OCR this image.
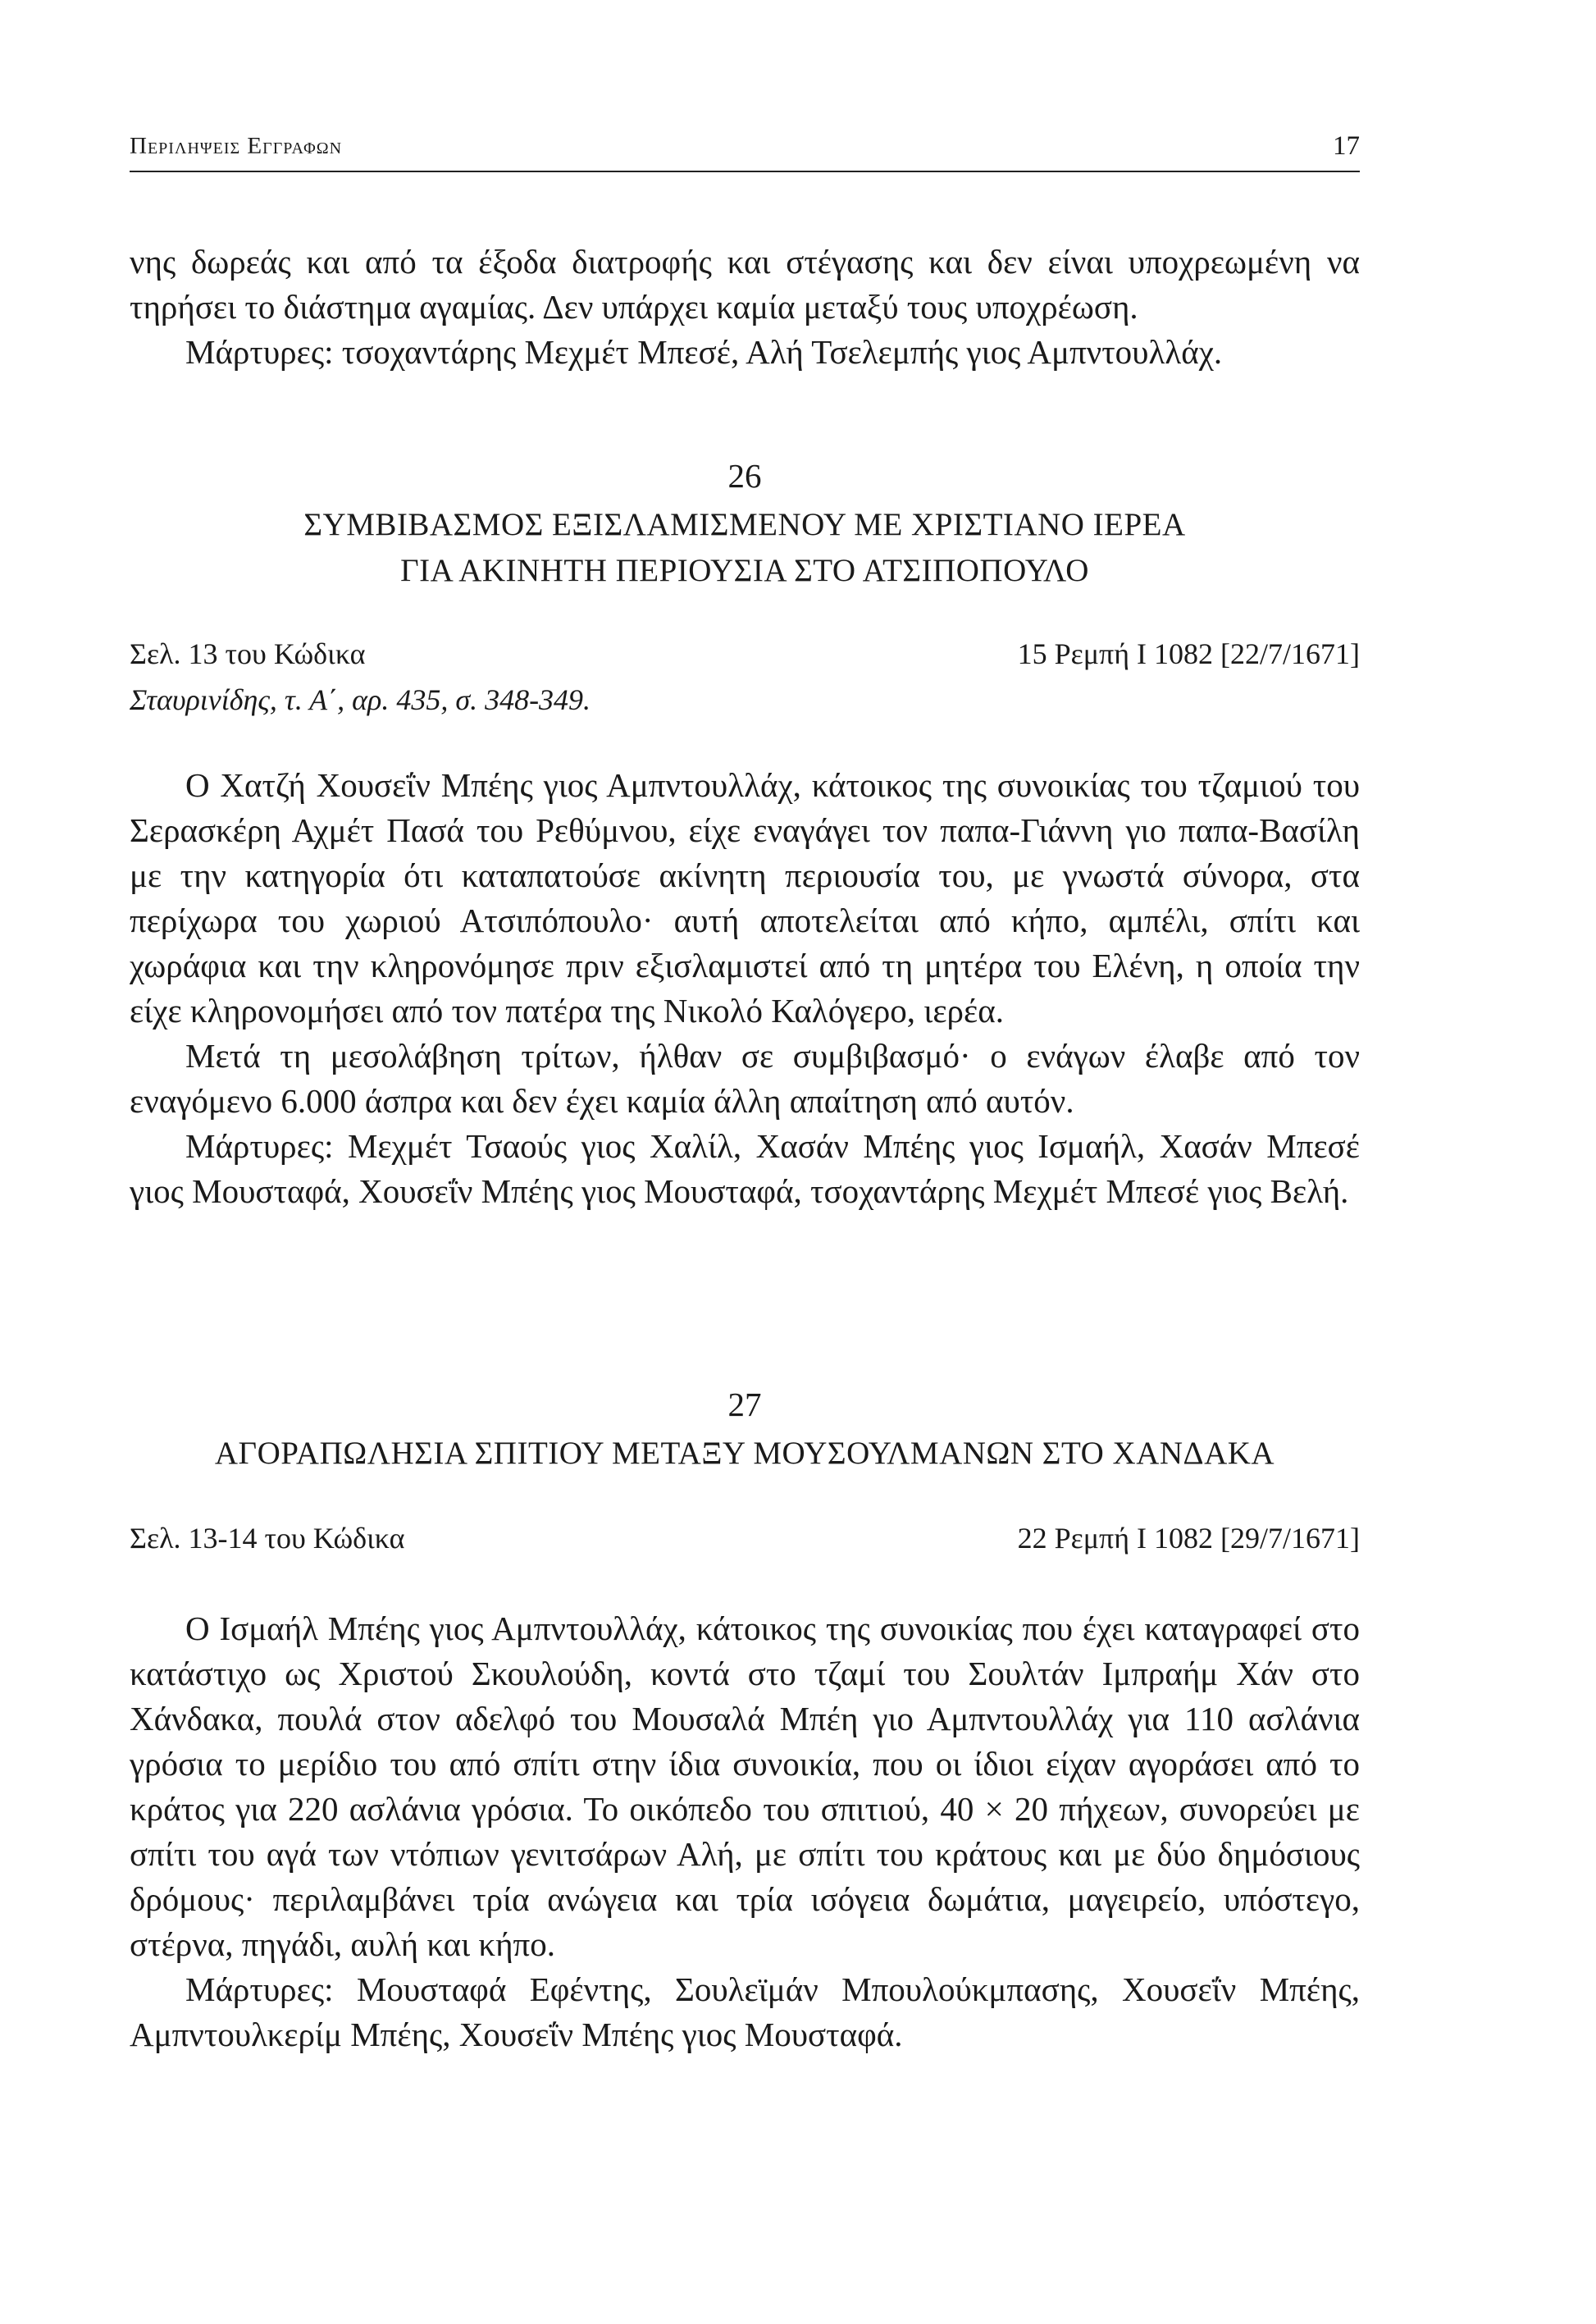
Περιληψεισ Εγγραφων	17

νης δωρεάς και από τα έξοδα διατροφής και στέγασης και δεν είναι υποχρεωμένη να τηρήσει το διάστημα αγαμίας. Δεν υπάρχει καμία μεταξύ τους υποχρέωση.

Μάρτυρες: τσοχαντάρης Μεχμέτ Μπεσέ, Αλή Τσελεμπής γιος Αμπντουλλάχ.

26
ΣΥΜΒΙΒΑΣΜΟΣ ΕΞΙΣΛΑΜΙΣΜΕΝΟΥ ΜΕ ΧΡΙΣΤΙΑΝΟ ΙΕΡΕΑ
ΓΙΑ ΑΚΙΝΗΤΗ ΠΕΡΙΟΥΣΙΑ ΣΤΟ ΑΤΣΙΠΟΠΟΥΛΟ
Σελ. 13 του Κώδικα	15 Ρεμπή Ι 1082 [22/7/1671]
Σταυρινίδης, τ. Α΄, αρ. 435, σ. 348-349.

Ο Χατζή Χουσεΐν Μπέης γιος Αμπντουλλάχ, κάτοικος της συνοικίας του τζαμιού του Σερασκέρη Αχμέτ Πασά του Ρεθύμνου, είχε εναγάγει τον παπα-Γιάννη γιο παπα-Βασίλη με την κατηγορία ότι καταπατούσε ακίνητη περιουσία του, με γνωστά σύνορα, στα περίχωρα του χωριού Ατσιπόπουλο· αυτή αποτελείται από κήπο, αμπέλι, σπίτι και χωράφια και την κληρονόμησε πριν εξισλαμιστεί από τη μητέρα του Ελένη, η οποία την είχε κληρονομήσει από τον πατέρα της Νικολό Καλόγερο, ιερέα.

Μετά τη μεσολάβηση τρίτων, ήλθαν σε συμβιβασμό· ο ενάγων έλαβε από τον εναγόμενο 6.000 άσπρα και δεν έχει καμία άλλη απαίτηση από αυτόν.

Μάρτυρες: Μεχμέτ Τσαούς γιος Χαλίλ, Χασάν Μπέης γιος Ισμαήλ, Χασάν Μπεσέ γιος Μουσταφά, Χουσεΐν Μπέης γιος Μουσταφά, τσοχαντάρης Μεχμέτ Μπεσέ γιος Βελή.

27
ΑΓΟΡΑΠΩΛΗΣΙΑ ΣΠΙΤΙΟΥ ΜΕΤΑΞΥ ΜΟΥΣΟΥΛΜΑΝΩΝ ΣΤΟ ΧΑΝΔΑΚΑ
Σελ. 13-14 του Κώδικα	22 Ρεμπή Ι 1082 [29/7/1671]

Ο Ισμαήλ Μπέης γιος Αμπντουλλάχ, κάτοικος της συνοικίας που έχει καταγραφεί στο κατάστιχο ως Χριστού Σκουλούδη, κοντά στο τζαμί του Σουλτάν Ιμπραήμ Χάν στο Χάνδακα, πουλά στον αδελφό του Μουσαλά Μπέη γιο Αμπντουλλάχ για 110 ασλάνια γρόσια το μερίδιο του από σπίτι στην ίδια συνοικία, που οι ίδιοι είχαν αγοράσει από το κράτος για 220 ασλάνια γρόσια. Το οικόπεδο του σπιτιού, 40 × 20 πήχεων, συνορεύει με σπίτι του αγά των ντόπιων γενιτσάρων Αλή, με σπίτι του κράτους και με δύο δημόσιους δρόμους· περιλαμβάνει τρία ανώγεια και τρία ισόγεια δωμάτια, μαγειρείο, υπόστεγο, στέρνα, πηγάδι, αυλή και κήπο.

Μάρτυρες: Μουσταφά Εφέντης, Σουλεϊμάν Μπουλούκμπασης, Χουσεΐν Μπέης, Αμπντουλκερίμ Μπέης, Χουσεΐν Μπέης γιος Μουσταφά.
